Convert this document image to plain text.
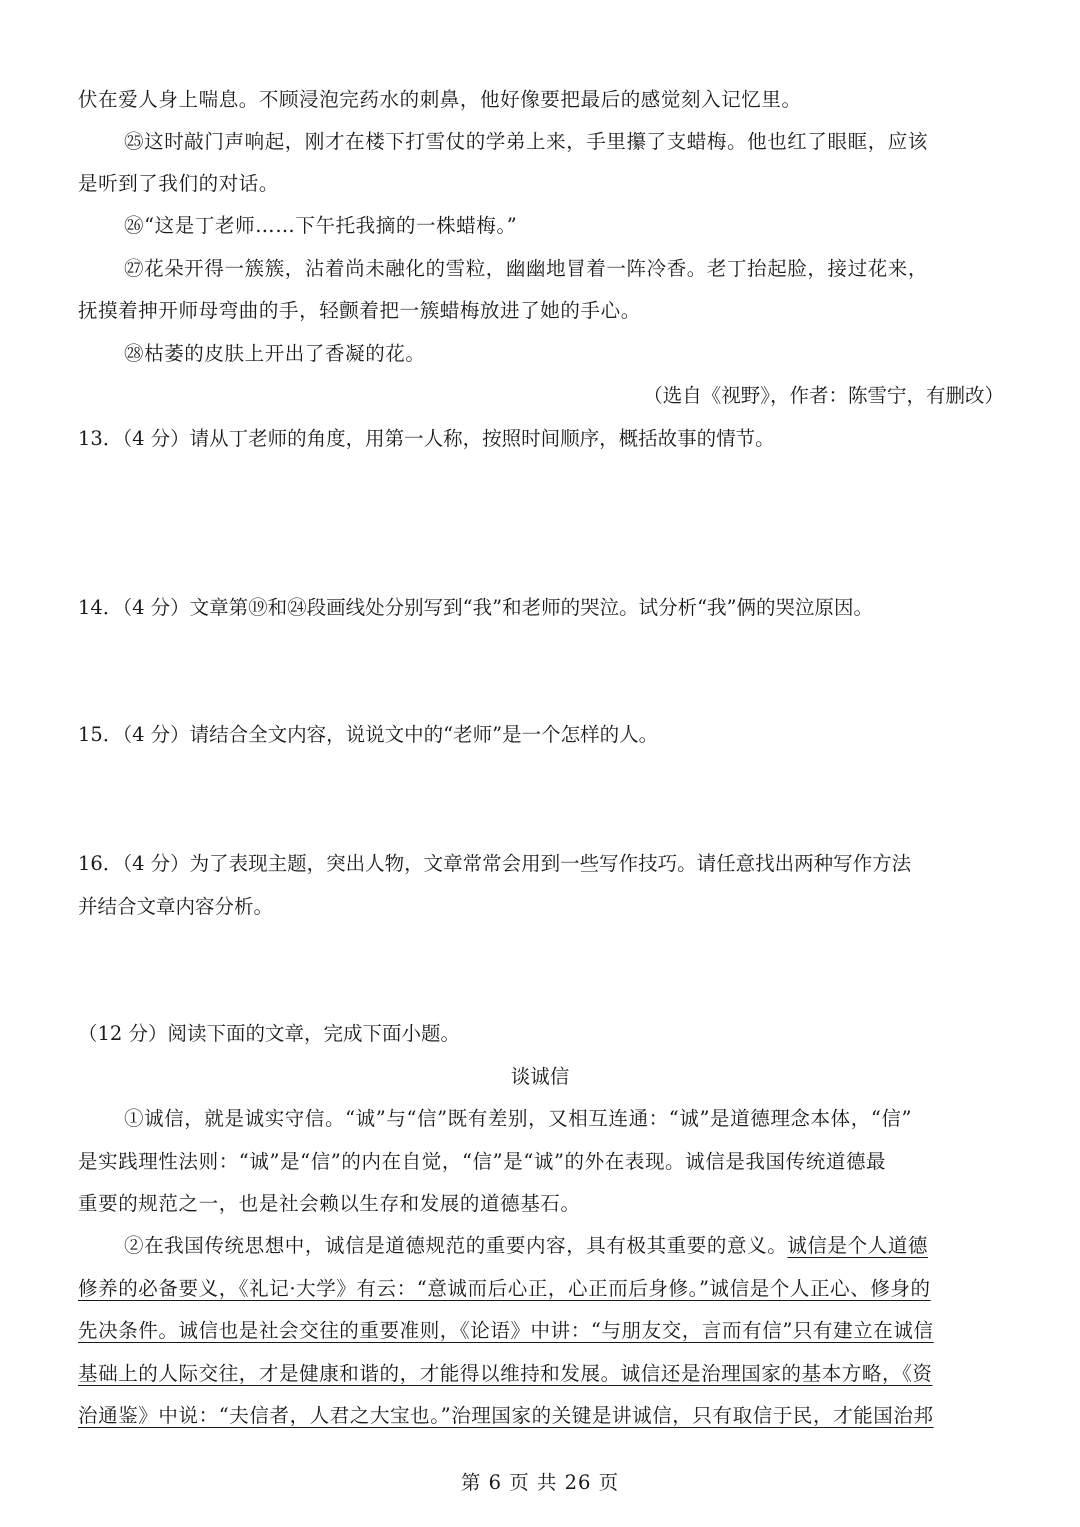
伏在爱人身上喘息。不顾浸泡完药水的刺鼻，他好像要把最后的感觉刻入记忆里。
㉕这时敲门声响起，刚才在楼下打雪仗的学弟上来，手里攥了支蜡梅。他也红了眼眶，应该
是听到了我们的对话。
㉖“这是丁老师……下午托我摘的一株蜡梅。”
㉗花朵开得一簇簇，沾着尚未融化的雪粒，幽幽地冒着一阵冷香。老丁抬起脸，接过花来，
抚摸着抻开师母弯曲的手，轻颤着把一簇蜡梅放进了她的手心。
㉘枯萎的皮肤上开出了香凝的花。
（选自《视野》，作者：陈雪宁，有删改）
13．（4 分）请从丁老师的角度，用第一人称，按照时间顺序，概括故事的情节。
14．（4 分）文章第⑲和㉔段画线处分别写到“我”和老师的哭泣。试分析“我”俩的哭泣原因。
15．（4 分）请结合全文内容，说说文中的“老师”是一个怎样的人。
16．（4 分）为了表现主题，突出人物，文章常常会用到一些写作技巧。请任意找出两种写作方法
并结合文章内容分析。
（12 分）阅读下面的文章，完成下面小题。
谈诚信
①诚信，就是诚实守信。“诚”与“信”既有差别，又相互连通：“诚”是道德理念本体，“信”
是实践理性法则：“诚”是“信”的内在自觉，“信”是“诚”的外在表现。诚信是我国传统道德最
重要的规范之一，也是社会赖以生存和发展的道德基石。
②在我国传统思想中，诚信是道德规范的重要内容，具有极其重要的意义。诚信是个人道德
修养的必备要义，《礼记·大学》有云：“意诚而后心正，心正而后身修。”诚信是个人正心、修身的
先决条件。诚信也是社会交往的重要准则，《论语》中讲：“与朋友交，言而有信”只有建立在诚信
基础上的人际交往，才是健康和谐的，才能得以维持和发展。诚信还是治理国家的基本方略，《资
治通鉴》中说：“夫信者，人君之大宝也。”治理国家的关键是讲诚信，只有取信于民，才能国治邦
第 6 页 共 26 页
